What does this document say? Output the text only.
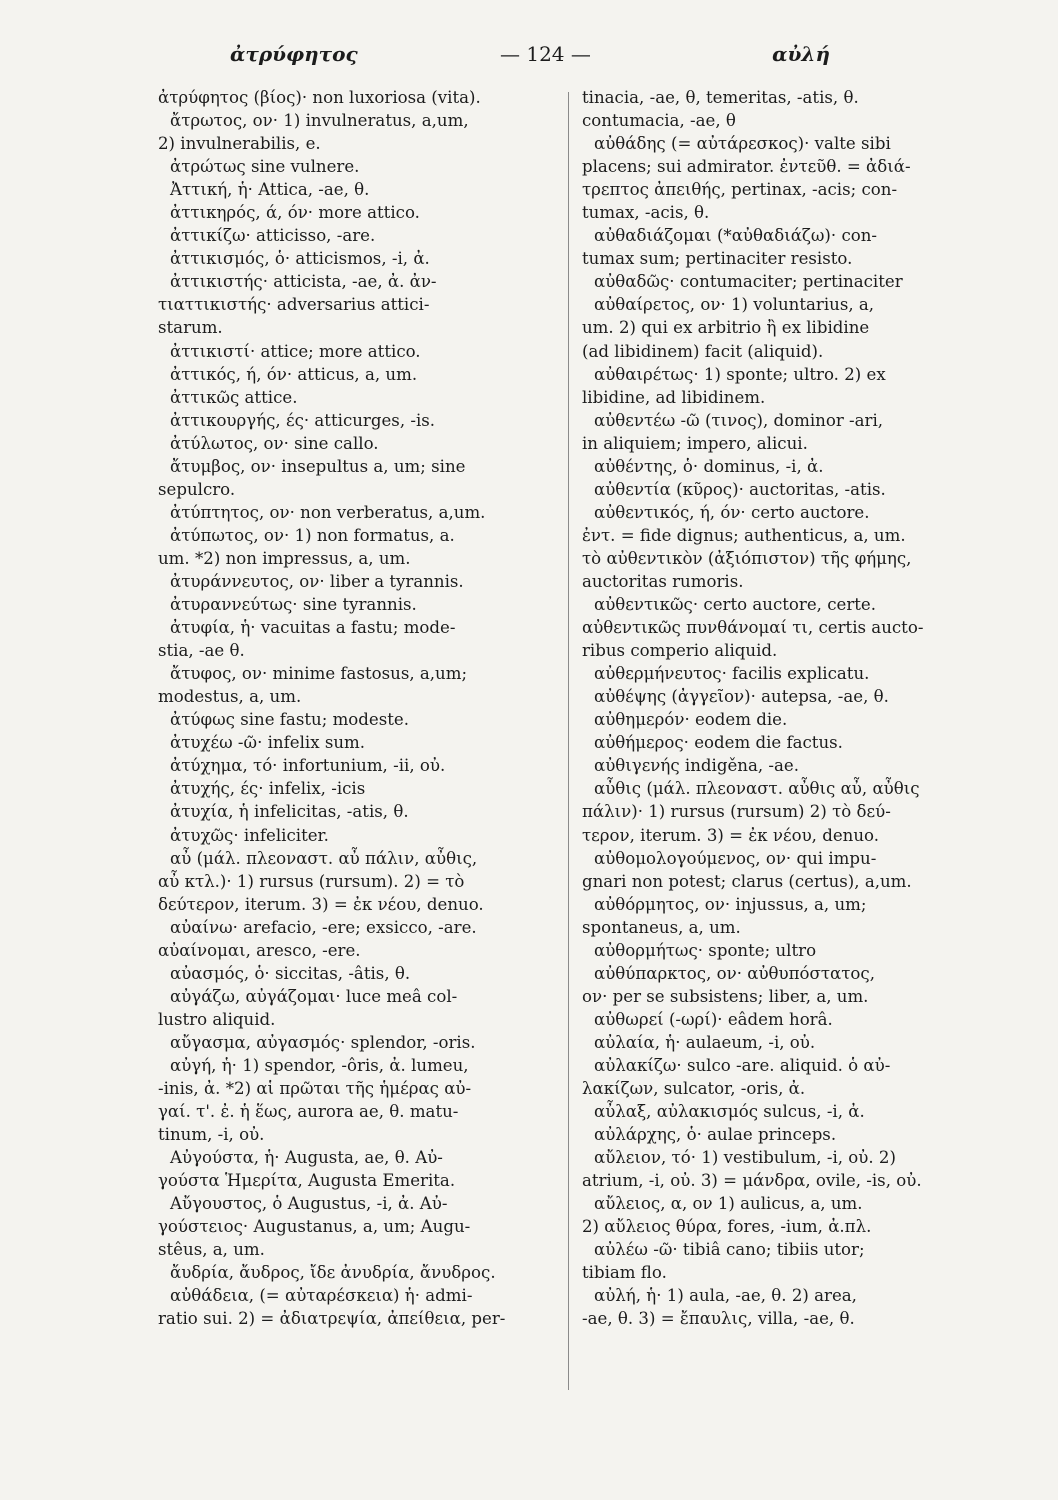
ἀτρύφητος	— 124 —	αὐλή
ἀτρύφητος (βίος)· non luxoriosa (vita).
ἄτρωτος, ον· 1) invulneratus, a,um,
2) invulnerabilis, e.
ἀτρώτως sine vulnere.
Ἀττική, ἡ· Attica, -ae, θ.
ἀττικηρός, ά, όν· more attico.
ἀττικίζω· atticisso, -are.
ἀττικισμός, ὁ· atticismos, -i, ἀ.
ἀττικιστής· atticista, -ae, ἀ. ἀν-
τιαττικιστής· adversarius attici-
starum.
ἀττικιστί· attice; more attico.
ἀττικός, ή, όν· atticus, a, um.
ἀττικῶς attice.
ἀττικουργής, ές· atticurges, -is.
ἀτύλωτος, ον· sine callo.
ἄτυμβος, ον· insepultus a, um; sine
sepulcro.
ἀτύπτητος, ον· non verberatus, a,um.
ἀτύπωτος, ον· 1) non formatus, a.
um. *2) non impressus, a, um.
ἀτυράννευτος, ον· liber a tyrannis.
ἀτυραννεύτως· sine tyrannis.
ἀτυφία, ἡ· vacuitas a fastu; mode-
stia, -ae θ.
ἄτυφος, ον· minime fastosus, a,um;
modestus, a, um.
ἀτύφως sine fastu; modeste.
ἀτυχέω -ῶ· infelix sum.
ἀτύχημα, τό· infortunium, -ii, οὐ.
ἀτυχής, ές· infelix, -icis
ἀτυχία, ἡ infelicitas, -atis, θ.
ἀτυχῶς· infeliciter.
αὖ (μάλ. πλεοναστ. αὖ πάλιν, αὖθις,
αὖ κτλ.)· 1) rursus (rursum). 2) = τὸ
δεύτερον, iterum. 3) = ἐκ νέου, denuo.
αὐαίνω· arefacio, -ere; exsicco, -are.
αὐαίνομαι, aresco, -ere.
αὐασμός, ὁ· siccitas, -âtis, θ.
αὐγάζω, αὐγάζομαι· luce meâ col-
lustro aliquid.
αὔγασμα, αὐγασμός· splendor, -oris.
αὐγή, ἡ· 1) spendor, -ôris, ἀ. lumeu,
-inis, ἀ. *2) αἱ πρῶται τῆς ἡμέρας αὐ-
γαί. τ'. ἐ. ἡ ἕως, aurora ae, θ. matu-
tinum, -i, οὐ.
Αὐγούστα, ἡ· Augusta, ae, θ. Αὐ-
γούστα Ἡμερίτα, Augusta Emerita.
Αὔγουστος, ὁ Augustus, -i, ἀ. Αὐ-
γούστειος· Augustanus, a, um; Augu-
stêus, a, um.
ἄυδρία, ἄυδρος, ἴδε ἀνυδρία, ἄνυδρος.
αὐθάδεια, (= αὐταρέσκεια) ἡ· admi-
ratio sui. 2) = ἀδιατρεψία, ἀπείθεια, per-
tinacia, -ae, θ, temeritas, -atis, θ.
contumacia, -ae, θ
αὐθάδης (= αὐτάρεσκος)· valte sibi
placens; sui admirator. ἐντεῦθ. = ἀδιά-
τρεπτος ἀπειθής, pertinax, -acis; con-
tumax, -acis, θ.
αὐθαδιάζομαι (*αὐθαδιάζω)· con-
tumax sum; pertinaciter resisto.
αὐθαδῶς· contumaciter; pertinaciter
αὐθαίρετος, ον· 1) voluntarius, a,
um. 2) qui ex arbitrio ἢ ex libidine
(ad libidinem) facit (aliquid).
αὐθαιρέτως· 1) sponte; ultro. 2) ex
libidine, ad libidinem.
αὐθεντέω -ῶ (τινος), dominor -ari,
in aliquiem; impero, alicui.
αὐθέντης, ὁ· dominus, -i, ἀ.
αὐθεντία (κῦρος)· auctoritas, -atis.
αὐθεντικός, ή, όν· certo auctore.
ἐντ. = fide dignus; authenticus, a, um.
τὸ αὐθεντικὸν (ἀξιόπιστον) τῆς φήμης,
auctoritas rumoris.
αὐθεντικῶς· certo auctore, certe.
αὐθεντικῶς πυνθάνομαί τι, certis aucto-
ribus comperio aliquid.
αὐθερμήνευτος· facilis explicatu.
αὐθέψης (ἀγγεῖον)· autepsa, -ae, θ.
αὐθημερόν· eodem die.
αὐθήμερος· eodem die factus.
αὐθιγενής indigěna, -ae.
αὖθις (μάλ. πλεοναστ. αὖθις αὖ, αὖθις
πάλιν)· 1) rursus (rursum) 2) τὸ δεύ-
τερον, iterum. 3) = ἐκ νέου, denuo.
αὐθομολογούμενος, ον· qui impu-
gnari non potest; clarus (certus), a,um.
αὐθόρμητος, ον· injussus, a, um;
spontaneus, a, um.
αὐθορμήτως· sponte; ultro
αὐθύπαρκτος, ον· αὐθυπόστατος,
ον· per se subsistens; liber, a, um.
αὐθωρεί (-ωρί)· eâdem horâ.
αὐλαία, ἡ· aulaeum, -i, οὐ.
αὐλακίζω· sulco -are. aliquid. ὁ αὐ-
λακίζων, sulcator, -oris, ἀ.
αὖλαξ, αὐλακισμός sulcus, -i, ἀ.
αὐλάρχης, ὁ· aulae princeps.
αὔλειον, τό· 1) vestibulum, -i, οὐ. 2)
atrium, -i, οὐ. 3) = μάνδρα, ovile, -is, οὐ.
αὔλειος, α, ον 1) aulicus, a, um.
2) αὔλειος θύρα, fores, -ium, ἀ.πλ.
αὐλέω -ῶ· tibiâ cano; tibiis utor;
tibiam flo.
αὐλή, ἡ· 1) aula, -ae, θ. 2) area,
-ae, θ. 3) = ἔπαυλις, villa, -ae, θ.
